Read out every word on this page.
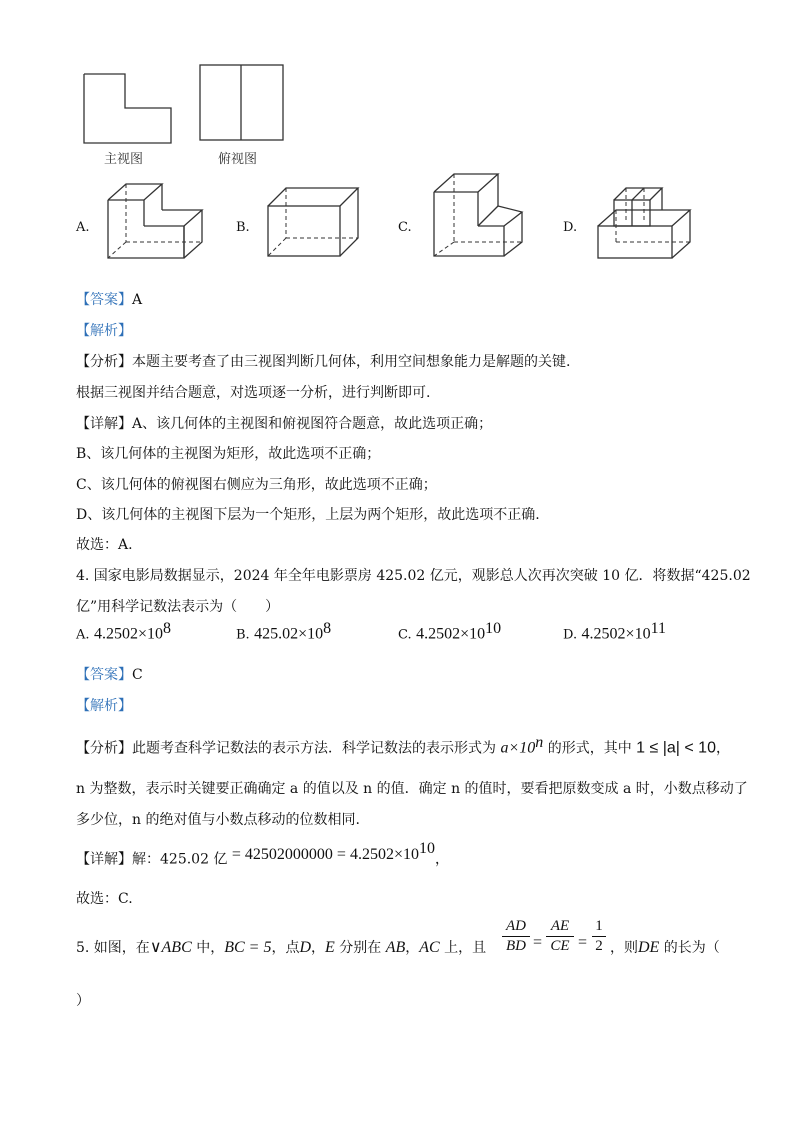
主视图	俯视图
A.	B.	C.	D.
【答案】A
【解析】
【分析】本题主要考查了由三视图判断几何体，利用空间想象能力是解题的关键.
根据三视图并结合题意，对选项逐一分析，进行判断即可.
【详解】A、该几何体的主视图和俯视图符合题意，故此选项正确；
B、该几何体的主视图为矩形，故此选项不正确；
C、该几何体的俯视图右侧应为三角形，故此选项不正确；
D、该几何体的主视图下层为一个矩形，上层为两个矩形，故此选项不正确.
故选：A.
4. 国家电影局数据显示，2024 年全年电影票房 425.02 亿元，观影总人次再次突破 10 亿．将数据“425.02
亿”用科学记数法表示为（　　）
A. $4.2502\times 10^8$	B. $425.02\times 10^8$	C. $4.2502\times 10^{10}$	D. $4.2502\times 10^{11}$
【答案】C
【解析】
【分析】此题考查科学记数法的表示方法．科学记数法的表示形式为 $a\times 10^n$ 的形式，其中 1 ≤ |a| < 10，
n 为整数，表示时关键要正确确定 a 的值以及 n 的值．确定 n 的值时，要看把原数变成 a 时，小数点移动了
多少位，n 的绝对值与小数点移动的位数相同.
【详解】解：425.02 亿 = $42502000000 = 4.2502\times 10^{10}$，
故选：C.
5. 如图，在∨ABC 中，BC = 5，点D，E 分别在 AB，AC 上，且
AD
BD =
AE
CE =
1
2 ，则DE 的长为（
）
